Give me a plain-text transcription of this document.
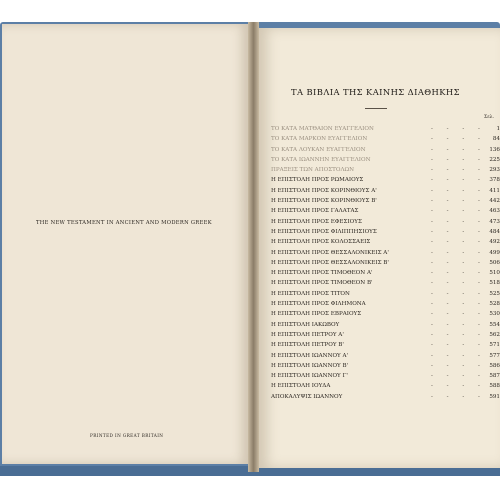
THE NEW TESTAMENT IN ANCIENT AND MODERN GREEK
PRINTED IN GREAT BRITAIN
ΤΑ ΒΙΒΛΙΑ ΤΗΣ ΚΑΙΝΗΣ ΔΙΑΘΗΚΗΣ
Σελ.
ΤΟ ΚΑΤΑ ΜΑΤΘΑΙΟΝ ΕΥΑΓΓΕΛΙΟΝ	- - - -	1
ΤΟ ΚΑΤΑ ΜΑΡΚΟΝ ΕΥΑΓΓΕΛΙΟΝ	- - - -	84
ΤΟ ΚΑΤΑ ΛΟΥΚΑΝ ΕΥΑΓΓΕΛΙΟΝ	- - - - 136
ΤΟ ΚΑΤΑ ΙΩΑΝΝΗΝ ΕΥΑΓΓΕΛΙΟΝ	- - - - 225
ΠΡΑΞΕΙΣ ΤΩΝ ΑΠΟΣΤΟΛΩΝ	- - - - 293
Η ΕΠΙΣΤΟΛΗ ΠΡΟΣ ΡΩΜΑΙΟΥΣ	- - - - 378
Η ΕΠΙΣΤΟΛΗ ΠΡΟΣ ΚΟΡΙΝΘΙΟΥΣ Α'	- - - - 411
Η ΕΠΙΣΤΟΛΗ ΠΡΟΣ ΚΟΡΙΝΘΙΟΥΣ Β'	- - - - 442
Η ΕΠΙΣΤΟΛΗ ΠΡΟΣ ΓΑΛΑΤΑΣ	- - - - 463
Η ΕΠΙΣΤΟΛΗ ΠΡΟΣ ΕΦΕΣΙΟΥΣ	- - - - 473
Η ΕΠΙΣΤΟΛΗ ΠΡΟΣ ΦΙΛΙΠΠΗΣΙΟΥΣ	- - - - 484
Η ΕΠΙΣΤΟΛΗ ΠΡΟΣ ΚΟΛΟΣΣΑΕΙΣ	- - - - 492
Η ΕΠΙΣΤΟΛΗ ΠΡΟΣ ΘΕΣΣΑΛΟΝΙΚΕΙΣ Α'	- - - - 499
Η ΕΠΙΣΤΟΛΗ ΠΡΟΣ ΘΕΣΣΑΛΟΝΙΚΕΙΣ Β'	- - - - 506
Η ΕΠΙΣΤΟΛΗ ΠΡΟΣ ΤΙΜΟΘΕΟΝ Α'	- - - - 510
Η ΕΠΙΣΤΟΛΗ ΠΡΟΣ ΤΙΜΟΘΕΟΝ Β'	- - - - 518
Η ΕΠΙΣΤΟΛΗ ΠΡΟΣ ΤΙΤΟΝ	- - - - 525
Η ΕΠΙΣΤΟΛΗ ΠΡΟΣ ΦΙΛΗΜΟΝΑ	- - - - 528
Η ΕΠΙΣΤΟΛΗ ΠΡΟΣ ΕΒΡΑΙΟΥΣ	- - - - 530
Η ΕΠΙΣΤΟΛΗ ΙΑΚΩΒΟΥ	- - - - 554
Η ΕΠΙΣΤΟΛΗ ΠΕΤΡΟΥ Α'	- - - - 562
Η ΕΠΙΣΤΟΛΗ ΠΕΤΡΟΥ Β'	- - - - 571
Η ΕΠΙΣΤΟΛΗ ΙΩΑΝΝΟΥ Α'	- - - - 577
Η ΕΠΙΣΤΟΛΗ ΙΩΑΝΝΟΥ Β'	- - - - 586
Η ΕΠΙΣΤΟΛΗ ΙΩΑΝΝΟΥ Γ'	- - - - 587
Η ΕΠΙΣΤΟΛΗ ΙΟΥΔΑ	- - - - 588
ΑΠΟΚΑΛΥΨΙΣ ΙΩΑΝΝΟΥ	- - - - 591
